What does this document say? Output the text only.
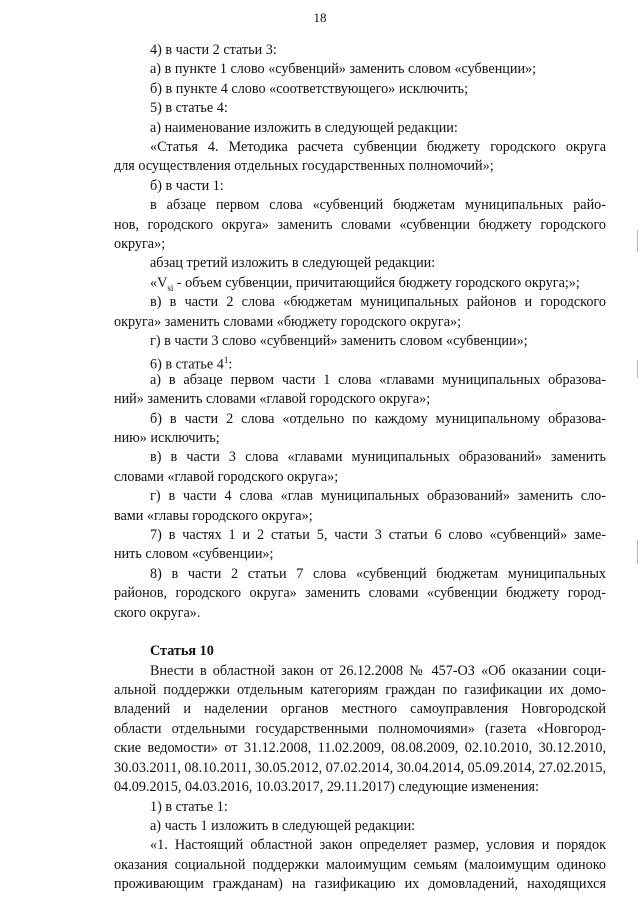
18
4) в части 2 статьи 3:
а) в пункте 1 слово «субвенций» заменить словом «субвенции»;
б) в пункте 4 слово «соответствующего» исключить;
5) в статье 4:
а) наименование изложить в следующей редакции:
«Статья 4. Методика расчета субвенции бюджету городского округа
для осуществления отдельных государственных полномочий»;
б) в части 1:
в абзаце первом слова «субвенций бюджетам муниципальных райо-
нов, городского округа» заменить словами «субвенции бюджету городского
округа»;
абзац третий изложить в следующей редакции:
«$V_{si}$ - объем субвенции, причитающийся бюджету городского округа;»;
в) в части 2 слова «бюджетам муниципальных районов и городского
округа» заменить словами «бюджету городского округа»;
г) в части 3 слово «субвенций» заменить словом «субвенции»;
6) в статье $4^1$:
а) в абзаце первом части 1 слова «главами муниципальных образова-
ний» заменить словами «главой городского округа»;
б) в части 2 слова «отдельно по каждому муниципальному образова-
нию» исключить;
в) в части 3 слова «главами муниципальных образований» заменить
словами «главой городского округа»;
г) в части 4 слова «глав муниципальных образований» заменить сло-
вами «главы городского округа»;
7) в частях 1 и 2 статьи 5, части 3 статьи 6 слово «субвенций» заме-
нить словом «субвенции»;
8) в части 2 статьи 7 слова «субвенций бюджетам муниципальных
районов, городского округа» заменить словами «субвенции бюджету город-
ского округа».
Статья 10
Внести в областной закон от 26.12.2008 № 457-ОЗ «Об оказании соци-
альной поддержки отдельным категориям граждан по газификации их домо-
владений и наделении органов местного самоуправления Новгородской
области отдельными государственными полномочиями» (газета «Новгород-
ские ведомости» от 31.12.2008, 11.02.2009, 08.08.2009, 02.10.2010, 30.12.2010,
30.03.2011, 08.10.2011, 30.05.2012, 07.02.2014, 30.04.2014, 05.09.2014, 27.02.2015,
04.09.2015, 04.03.2016, 10.03.2017, 29.11.2017) следующие изменения:
1) в статье 1:
а) часть 1 изложить в следующей редакции:
«1. Настоящий областной закон определяет размер, условия и порядок
оказания социальной поддержки малоимущим семьям (малоимущим одиноко
проживающим гражданам) на газификацию их домовладений, находящихся
